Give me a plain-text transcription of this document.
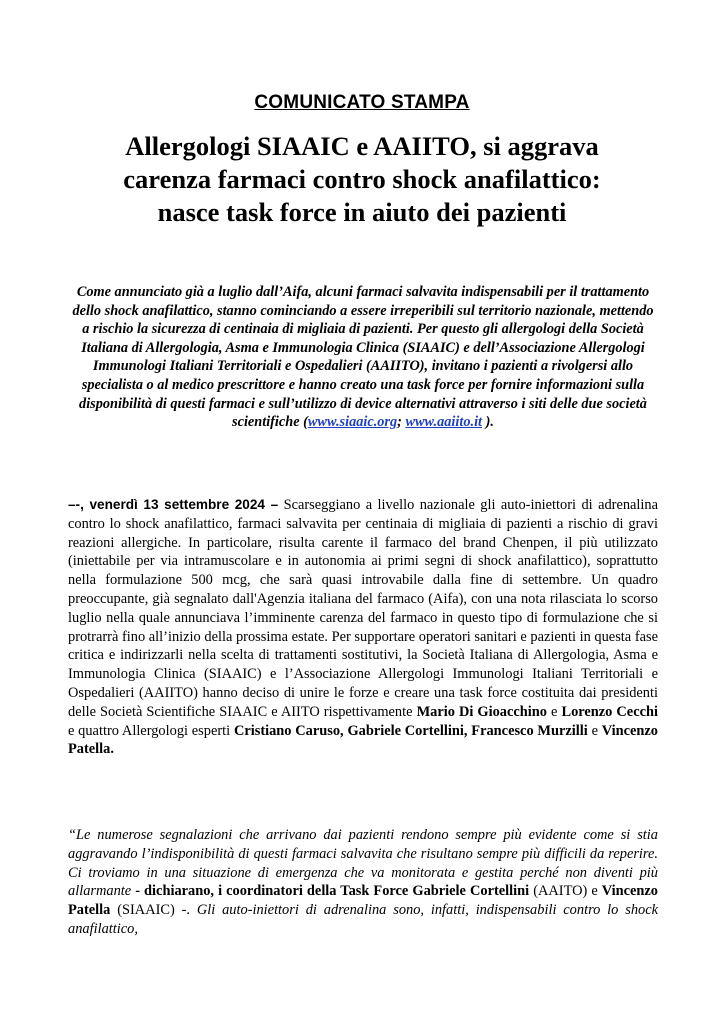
COMUNICATO STAMPA
Allergologi SIAAIC e AAIITO, si aggrava
carenza farmaci contro shock anafilattico:
nasce task force in aiuto dei pazienti

Come annunciato già a luglio dall’Aifa, alcuni farmaci salvavita indispensabili per il trattamento dello shock anafilattico, stanno cominciando a essere irreperibili sul territorio nazionale, mettendo a rischio la sicurezza di centinaia di migliaia di pazienti. Per questo gli allergologi della Società Italiana di Allergologia, Asma e Immunologia Clinica (SIAAIC) e dell’Associazione Allergologi Immunologi Italiani Territoriali e Ospedalieri (AAIITO), invitano i pazienti a rivolgersi allo specialista o al medico prescrittore e hanno creato una task force per fornire informazioni sulla disponibilità di questi farmaci e sull’utilizzo di device alternativi attraverso i siti delle due società scientifiche (www.siaaic.org; www.aaiito.it ).

–-, venerdì 13 settembre 2024 – Scarseggiano a livello nazionale gli auto-iniettori di adrenalina contro lo shock anafilattico, farmaci salvavita per centinaia di migliaia di pazienti a rischio di gravi reazioni allergiche. In particolare, risulta carente il farmaco del brand Chenpen, il più utilizzato (iniettabile per via intramuscolare e in autonomia ai primi segni di shock anafilattico), soprattutto nella formulazione 500 mcg, che sarà quasi introvabile dalla fine di settembre. Un quadro preoccupante, già segnalato dall'Agenzia italiana del farmaco (Aifa), con una nota rilasciata lo scorso luglio nella quale annunciava l’imminente carenza del farmaco in questo tipo di formulazione che si protrarrà fino all’inizio della prossima estate. Per supportare operatori sanitari e pazienti in questa fase critica e indirizzarli nella scelta di trattamenti sostitutivi, la Società Italiana di Allergologia, Asma e Immunologia Clinica (SIAAIC) e l’Associazione Allergologi Immunologi Italiani Territoriali e Ospedalieri (AAIITO) hanno deciso di unire le forze e creare una task force costituita dai presidenti delle Società Scientifiche SIAAIC e AIITO rispettivamente Mario Di Gioacchino e Lorenzo Cecchi e quattro Allergologi esperti Cristiano Caruso, Gabriele Cortellini, Francesco Murzilli e Vincenzo Patella.

“Le numerose segnalazioni che arrivano dai pazienti rendono sempre più evidente come si stia aggravando l’indisponibilità di questi farmaci salvavita che risultano sempre più difficili da reperire. Ci troviamo in una situazione di emergenza che va monitorata e gestita perché non diventi più allarmante - dichiarano, i coordinatori della Task Force Gabriele Cortellini (AAITO) e Vincenzo Patella (SIAAIC) -. Gli auto-iniettori di adrenalina sono, infatti, indispensabili contro lo shock anafilattico,
